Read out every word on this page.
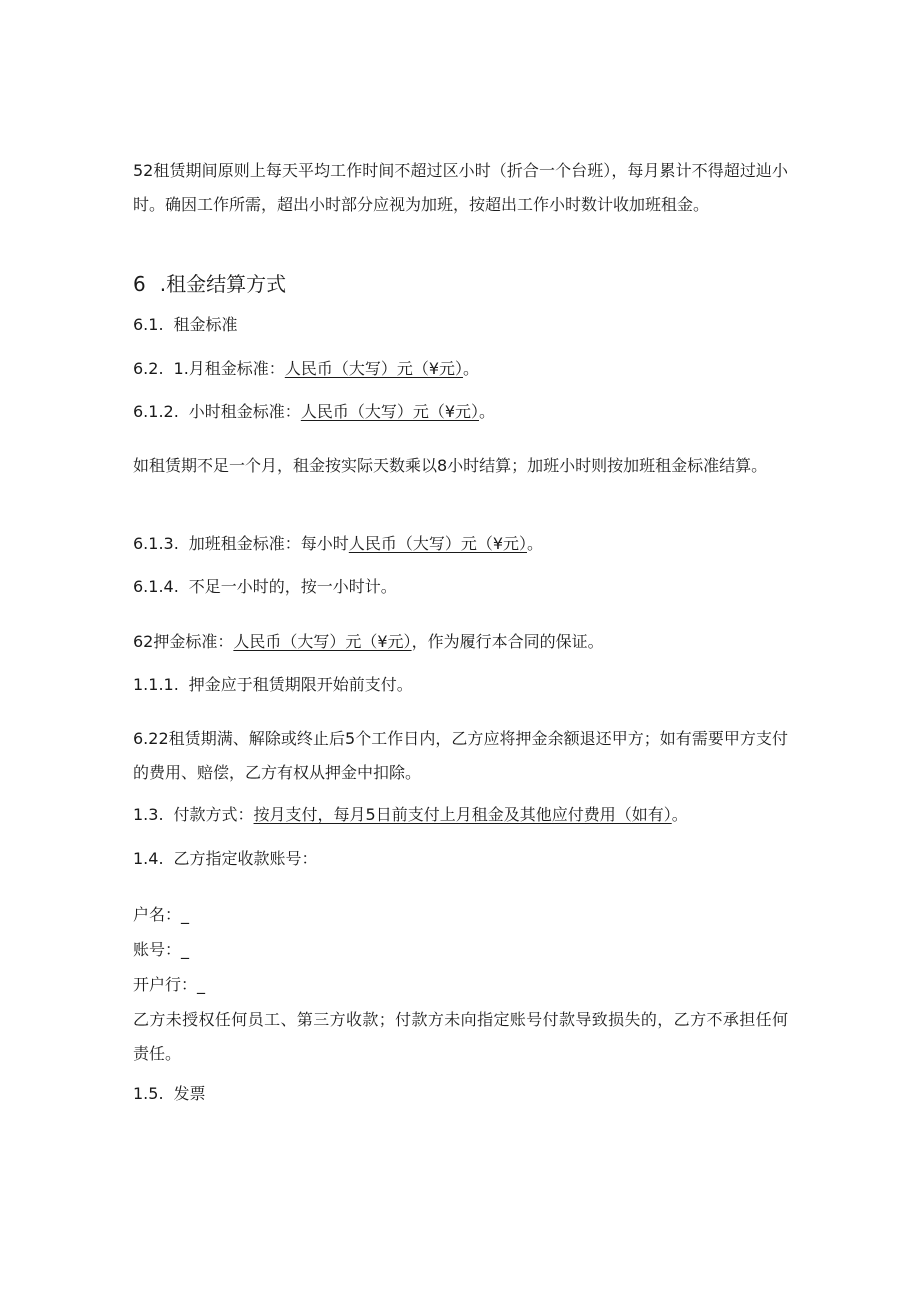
52租赁期间原则上每天平均工作时间不超过区小时（折合一个台班），每月累计不得超过辿小时。确因工作所需，超出小时部分应视为加班，按超出工作小时数计收加班租金。
6 .租金结算方式
6.1. 租金标准
6.2. 1.月租金标准：人民币（大写）元（¥元）。
6.1.2. 小时租金标准：人民币（大写）元（¥元）。
如租赁期不足一个月，租金按实际天数乘以8小时结算；加班小时则按加班租金标准结算。
6.1.3. 加班租金标准：每小时人民币（大写）元（¥元）。
6.1.4. 不足一小时的，按一小时计。
62押金标准：人民币（大写）元（¥元），作为履行本合同的保证。
1.1.1. 押金应于租赁期限开始前支付。
6.22租赁期满、解除或终止后5个工作日内，乙方应将押金余额退还甲方；如有需要甲方支付的费用、赔偿，乙方有权从押金中扣除。
1.3. 付款方式：按月支付，每月5日前支付上月租金及其他应付费用（如有）。
1.4. 乙方指定收款账号：
户名：_
账号：_
开户行：_
乙方未授权任何员工、第三方收款；付款方未向指定账号付款导致损失的，乙方不承担任何责任。
1.5. 发票
